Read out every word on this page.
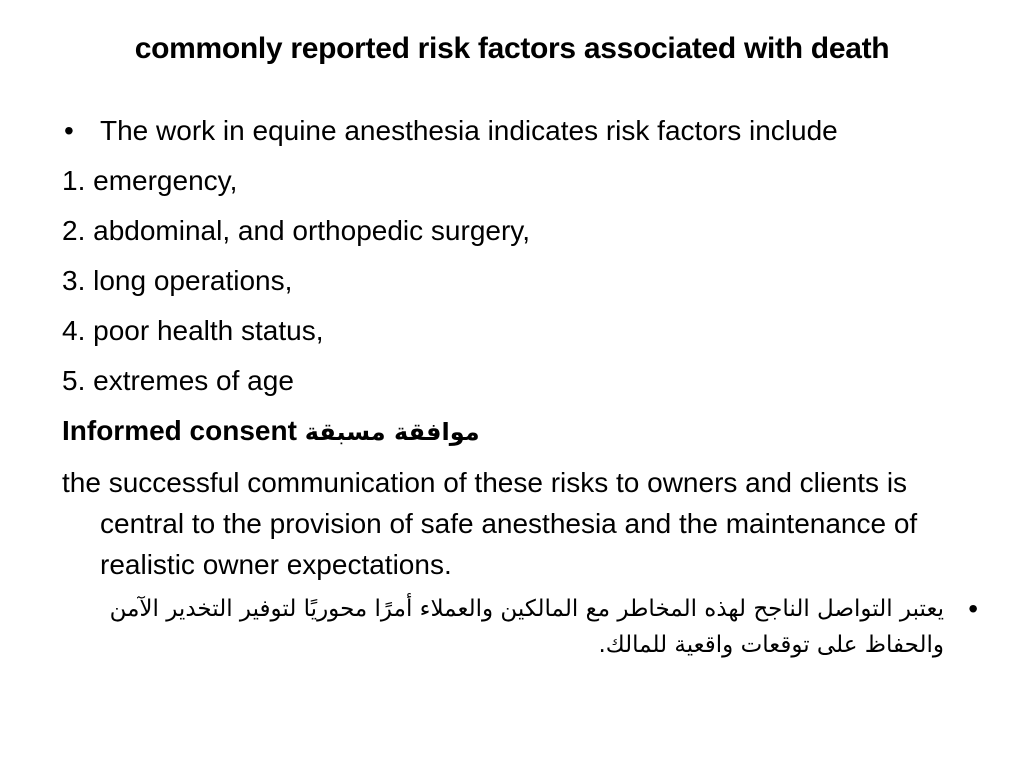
commonly reported risk factors associated with death

• The work in equine anesthesia indicates risk factors include

1. emergency,

2. abdominal, and orthopedic surgery,

3. long operations,

4. poor health status,

5. extremes of age

Informed consent موافقة مسبقة

the successful communication of these risks to owners and clients is central to the provision of safe anesthesia and the maintenance of realistic owner expectations.

•
يعتبر التواصل الناجح لهذه المخاطر مع المالكين والعملاء أمرًا محوريًا لتوفير التخدير الآمن والحفاظ على توقعات واقعية للمالك.
